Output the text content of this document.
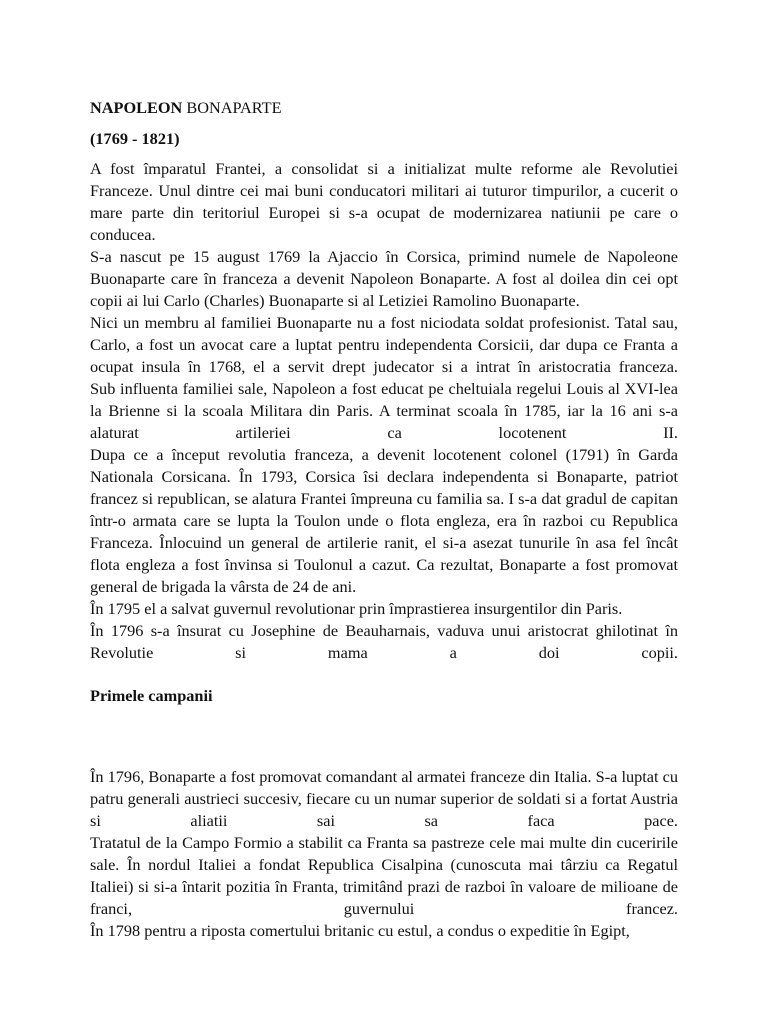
NAPOLEON BONAPARTE

(1769 - 1821)

A fost împaratul Frantei, a consolidat si a initializat multe reforme ale Revolutiei Franceze. Unul dintre cei mai buni conducatori militari ai tuturor timpurilor, a cucerit o mare parte din teritoriul Europei si s-a ocupat de modernizarea natiunii pe care o conducea.

S-a nascut pe 15 august 1769 la Ajaccio în Corsica, primind numele de Napoleone Buonaparte care în franceza a devenit Napoleon Bonaparte. A fost al doilea din cei opt copii ai lui Carlo (Charles) Buonaparte si al Letiziei Ramolino Buonaparte.

Nici un membru al familiei Buonaparte nu a fost niciodata soldat profesionist. Tatal sau, Carlo, a fost un avocat care a luptat pentru independenta Corsicii, dar dupa ce Franta a ocupat insula în 1768, el a servit drept judecator si a intrat în aristocratia franceza.

Sub influenta familiei sale, Napoleon a fost educat pe cheltuiala regelui Louis al XVI-lea la Brienne si la scoala Militara din Paris. A terminat scoala în 1785, iar la 16 ani s-a alaturat artileriei ca locotenent II.

Dupa ce a început revolutia franceza, a devenit locotenent colonel (1791) în Garda Nationala Corsicana. În 1793, Corsica îsi declara independenta si Bonaparte, patriot francez si republican, se alatura Frantei împreuna cu familia sa. I s-a dat gradul de capitan într-o armata care se lupta la Toulon unde o flota engleza, era în razboi cu Republica Franceza. Înlocuind un general de artilerie ranit, el si-a asezat tunurile în asa fel încât flota engleza a fost învinsa si Toulonul a cazut. Ca rezultat, Bonaparte a fost promovat general de brigada la vârsta de 24 de ani.

În 1795 el a salvat guvernul revolutionar prin împrastierea insurgentilor din Paris.

În 1796 s-a însurat cu Josephine de Beauharnais, vaduva unui aristocrat ghilotinat în Revolutie si mama a doi copii.

Primele campanii

În 1796, Bonaparte a fost promovat comandant al armatei franceze din Italia. S-a luptat cu patru generali austrieci succesiv, fiecare cu un numar superior de soldati si a fortat Austria si aliatii sai sa faca pace.

Tratatul de la Campo Formio a stabilit ca Franta sa pastreze cele mai multe din cuceririle sale. În nordul Italiei a fondat Republica Cisalpina (cunoscuta mai târziu ca Regatul Italiei) si si-a întarit pozitia în Franta, trimitând prazi de razboi în valoare de milioane de franci, guvernului francez.

În 1798 pentru a riposta comertului britanic cu estul, a condus o expeditie în Egipt,
